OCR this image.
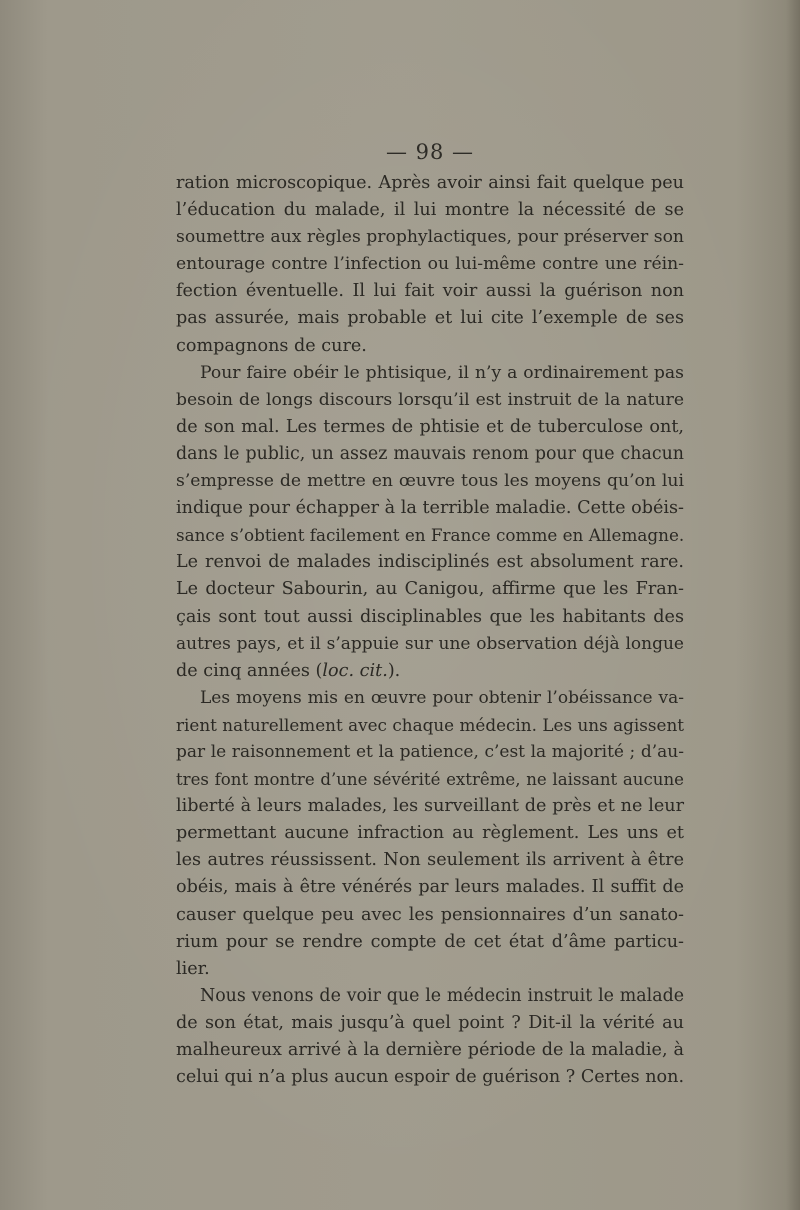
— 98 —
ration microscopique. Après avoir ainsi fait quelque peu
l’éducation du malade, il lui montre la nécessité de se
soumettre aux règles prophylactiques, pour préserver son
entourage contre l’infection ou lui-même contre une réin-
fection éventuelle. Il lui fait voir aussi la guérison non
pas assurée, mais probable et lui cite l’exemple de ses
compagnons de cure.
Pour faire obéir le phtisique, il n’y a ordinairement pas
besoin de longs discours lorsqu’il est instruit de la nature
de son mal. Les termes de phtisie et de tuberculose ont,
dans le public, un assez mauvais renom pour que chacun
s’empresse de mettre en œuvre tous les moyens qu’on lui
indique pour échapper à la terrible maladie. Cette obéis-
sance s’obtient facilement en France comme en Allemagne.
Le renvoi de malades indisciplinés est absolument rare.
Le docteur Sabourin, au Canigou, affirme que les Fran-
çais sont tout aussi disciplinables que les habitants des
autres pays, et il s’appuie sur une observation déjà longue
de cinq années (loc. cit.).
Les moyens mis en œuvre pour obtenir l’obéissance va-
rient naturellement avec chaque médecin. Les uns agissent
par le raisonnement et la patience, c’est la majorité ; d’au-
tres font montre d’une sévérité extrême, ne laissant aucune
liberté à leurs malades, les surveillant de près et ne leur
permettant aucune infraction au règlement. Les uns et
les autres réussissent. Non seulement ils arrivent à être
obéis, mais à être vénérés par leurs malades. Il suffit de
causer quelque peu avec les pensionnaires d’un sanato-
rium pour se rendre compte de cet état d’âme particu-
lier.
Nous venons de voir que le médecin instruit le malade
de son état, mais jusqu’à quel point ? Dit-il la vérité au
malheureux arrivé à la dernière période de la maladie, à
celui qui n’a plus aucun espoir de guérison ? Certes non.
